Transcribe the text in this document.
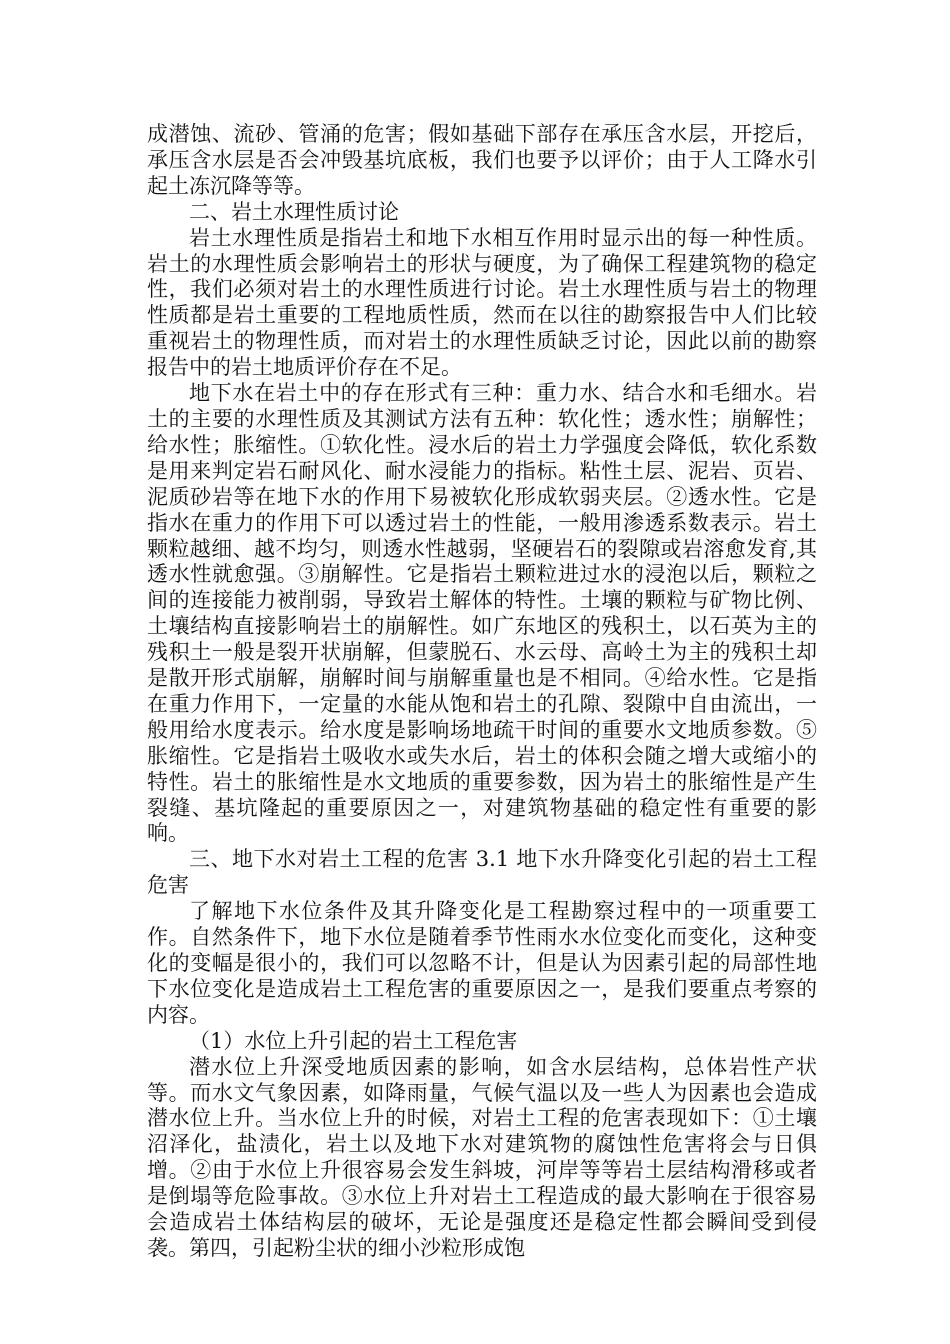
成潜蚀、流砂、管涌的危害；假如基础下部存在承压含水层，开挖后，承压含水层是否会冲毁基坑底板，我们也要予以评价；由于人工降水引起土冻沉降等等。

二、岩土水理性质讨论

岩土水理性质是指岩土和地下水相互作用时显示出的每一种性质。岩土的水理性质会影响岩土的形状与硬度，为了确保工程建筑物的稳定性，我们必须对岩土的水理性质进行讨论。岩土水理性质与岩土的物理性质都是岩土重要的工程地质性质，然而在以往的勘察报告中人们比较重视岩土的物理性质，而对岩土的水理性质缺乏讨论，因此以前的勘察报告中的岩土地质评价存在不足。

地下水在岩土中的存在形式有三种：重力水、结合水和毛细水。岩土的主要的水理性质及其测试方法有五种：软化性；透水性；崩解性；给水性；胀缩性。①软化性。浸水后的岩土力学强度会降低，软化系数是用来判定岩石耐风化、耐水浸能力的指标。粘性土层、泥岩、页岩、泥质砂岩等在地下水的作用下易被软化形成软弱夹层。②透水性。它是指水在重力的作用下可以透过岩土的性能，一般用渗透系数表示。岩土颗粒越细、越不均匀，则透水性越弱，坚硬岩石的裂隙或岩溶愈发育,其透水性就愈强。③崩解性。它是指岩土颗粒进过水的浸泡以后，颗粒之间的连接能力被削弱，导致岩土解体的特性。土壤的颗粒与矿物比例、土壤结构直接影响岩土的崩解性。如广东地区的残积土，以石英为主的残积土一般是裂开状崩解，但蒙脱石、水云母、高岭土为主的残积土却是散开形式崩解，崩解时间与崩解重量也是不相同。④给水性。它是指在重力作用下，一定量的水能从饱和岩土的孔隙、裂隙中自由流出，一般用给水度表示。给水度是影响场地疏干时间的重要水文地质参数。⑤胀缩性。它是指岩土吸收水或失水后，岩土的体积会随之增大或缩小的特性。岩土的胀缩性是水文地质的重要参数，因为岩土的胀缩性是产生裂缝、基坑隆起的重要原因之一，对建筑物基础的稳定性有重要的影响。

三、地下水对岩土工程的危害 3.1 地下水升降变化引起的岩土工程危害

了解地下水位条件及其升降变化是工程勘察过程中的一项重要工作。自然条件下，地下水位是随着季节性雨水水位变化而变化，这种变化的变幅是很小的，我们可以忽略不计，但是认为因素引起的局部性地下水位变化是造成岩土工程危害的重要原因之一，是我们要重点考察的内容。

（1）水位上升引起的岩土工程危害

潜水位上升深受地质因素的影响，如含水层结构，总体岩性产状等。而水文气象因素，如降雨量，气候气温以及一些人为因素也会造成潜水位上升。当水位上升的时候，对岩土工程的危害表现如下：①土壤沼泽化，盐渍化，岩土以及地下水对建筑物的腐蚀性危害将会与日俱增。②由于水位上升很容易会发生斜坡，河岸等等岩土层结构滑移或者是倒塌等危险事故。③水位上升对岩土工程造成的最大影响在于很容易会造成岩土体结构层的破坏，无论是强度还是稳定性都会瞬间受到侵袭。第四，引起粉尘状的细小沙粒形成饱
